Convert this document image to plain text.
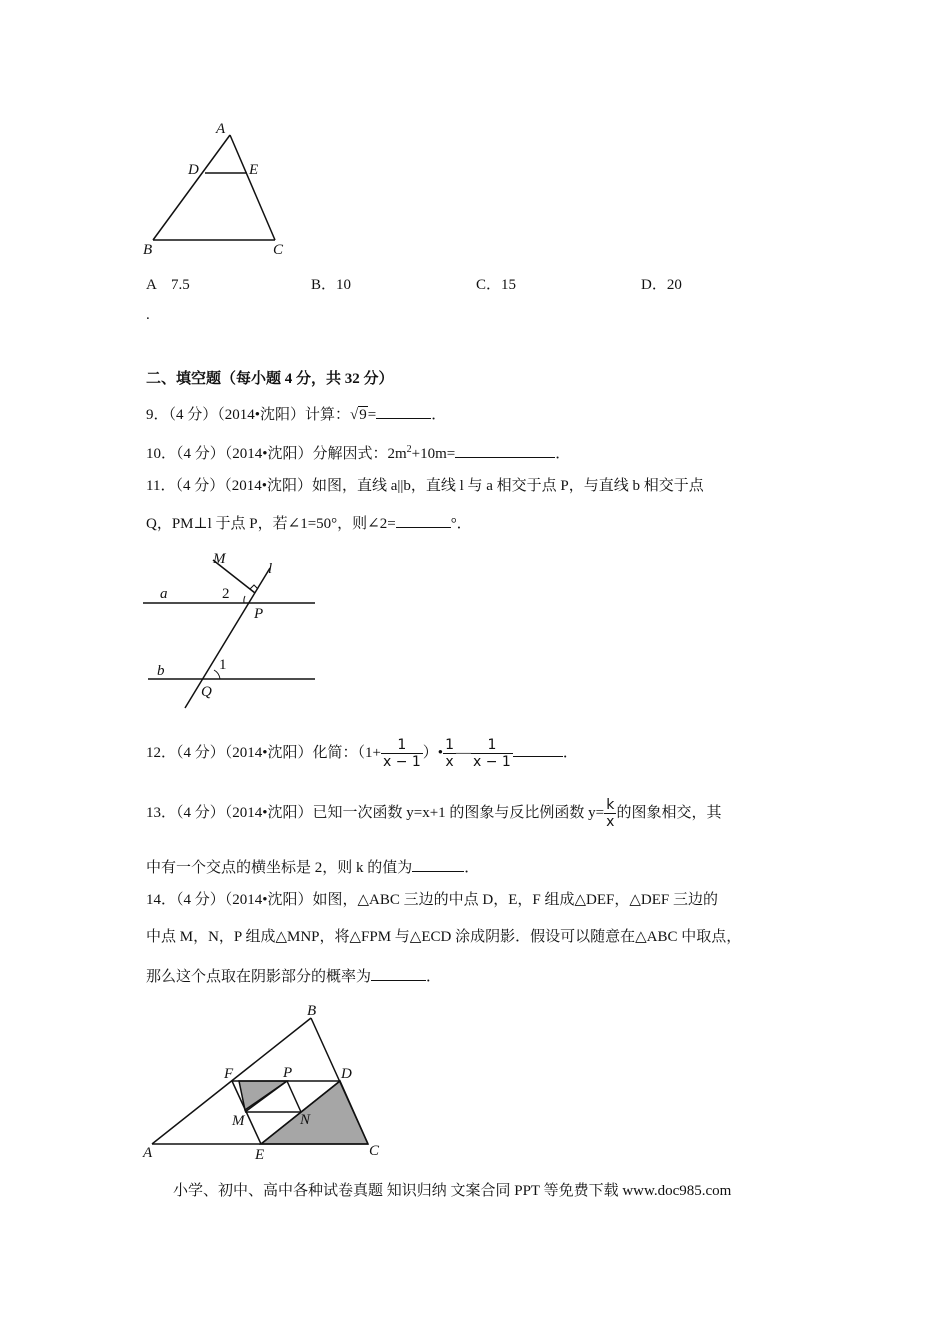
A
D	E
B	C
A　7.5
.
B．10	C．15	D．20
二、填空题（每小题 4 分，共 32 分）
9．（4 分）（2014•沈阳）计算：√9=	．
10．（4 分）（2014•沈阳）分解因式：$2m^2+10m=$	．
11．（4 分）（2014•沈阳）如图，直线 a||b，直线 l 与 a 相交于点 P，与直线 b 相交于点
Q，PM⊥l 于点 P，若∠1=50°，则∠2=	°．
M
l
a	2
P
b	1
Q
12．（4 分）（2014•沈阳）化简：（$1+ \frac{1}{x - 1}$ ）• $\frac{1}{x}$ — $\frac{1}{x - 1}$	．
13．（4 分）（2014•沈阳）已知一次函数 y=x+1 的图象与反比例函数 $y= \frac{k}{x}$ 的图象相交，其
中有一个交点的横坐标是 2，则 k 的值为	．
14．（4 分）（2014•沈阳）如图，△ABC 三边的中点 D，E，F 组成△DEF，△DEF 三边的
中点 M，N，P 组成△MNP，将△FPM 与△ECD 涂成阴影．假设可以随意在△ABC 中取点，
那么这个点取在阴影部分的概率为	．
B
F	P	D
M	N
A	E	C
小学、初中、高中各种试卷真题 知识归纳 文案合同 PPT 等免费下载 www.doc985.com
